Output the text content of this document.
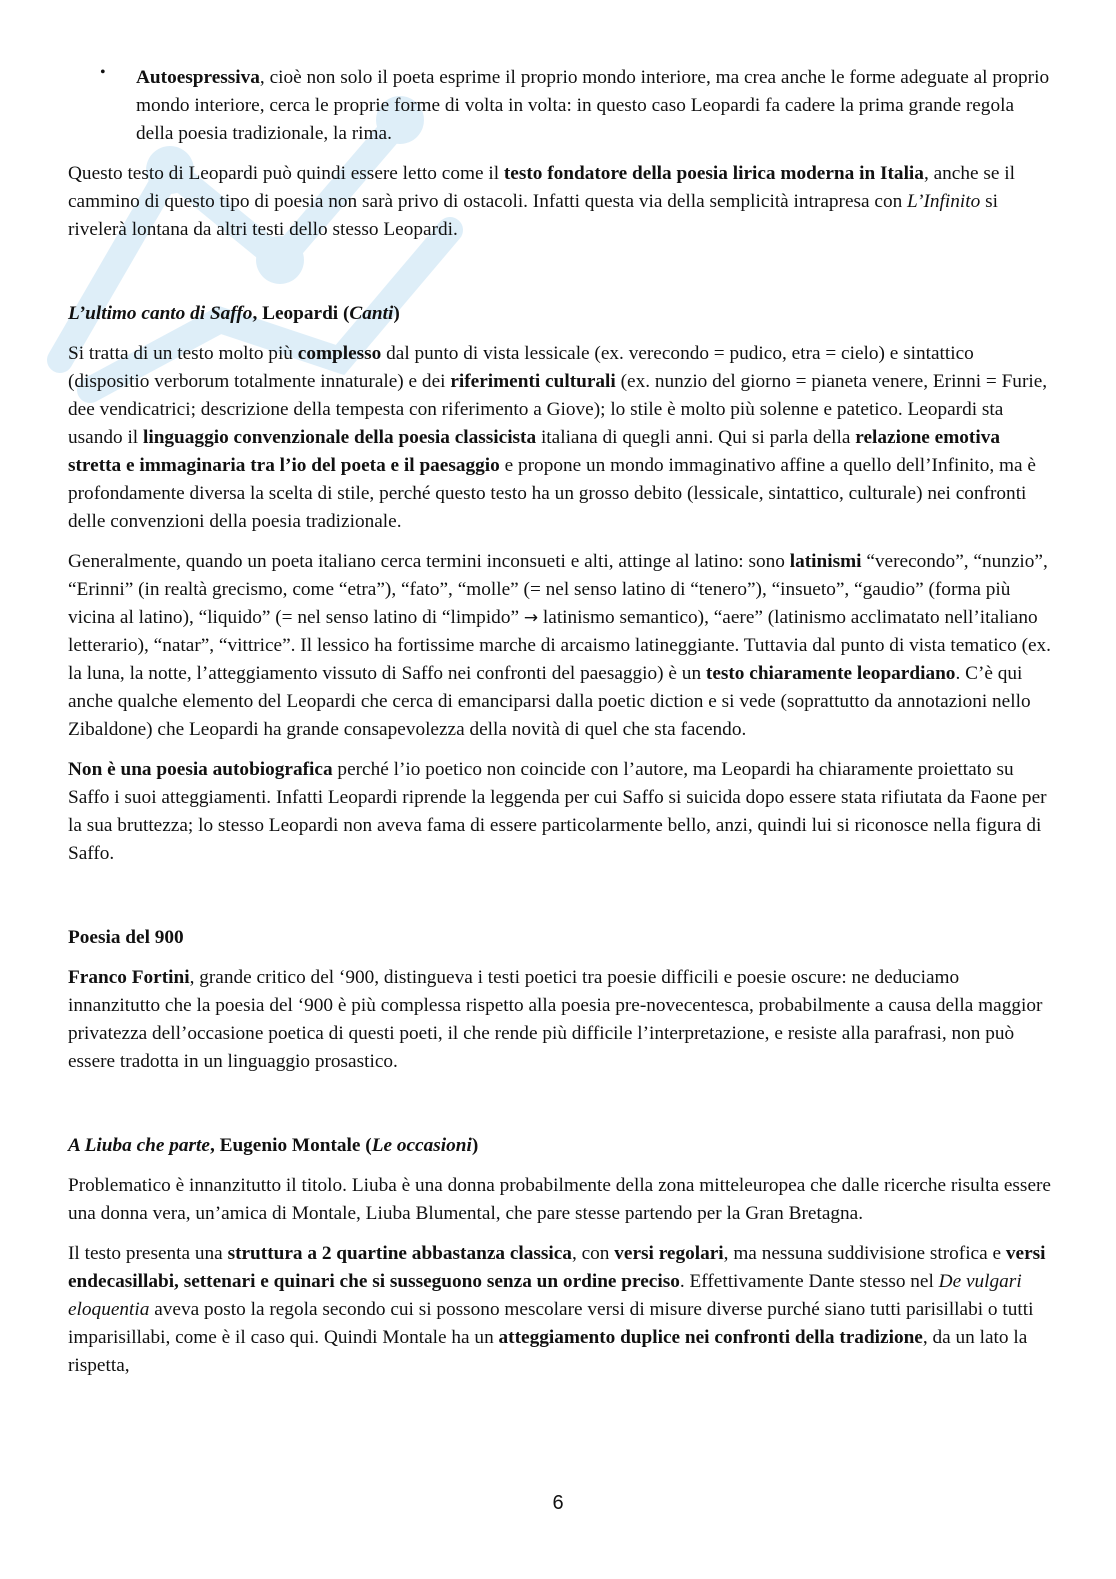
• Autoespressiva, cioè non solo il poeta esprime il proprio mondo interiore, ma crea anche le forme adeguate al proprio mondo interiore, cerca le proprie forme di volta in volta: in questo caso Leopardi fa cadere la prima grande regola della poesia tradizionale, la rima.

Questo testo di Leopardi può quindi essere letto come il testo fondatore della poesia lirica moderna in Italia, anche se il cammino di questo tipo di poesia non sarà privo di ostacoli. Infatti questa via della semplicità intrapresa con L’Infinito si rivelerà lontana da altri testi dello stesso Leopardi.

L’ultimo canto di Saffo, Leopardi (Canti)

Si tratta di un testo molto più complesso dal punto di vista lessicale (ex. verecondo = pudico, etra = cielo) e sintattico (dispositio verborum totalmente innaturale) e dei riferimenti culturali (ex. nunzio del giorno = pianeta venere, Erinni = Furie, dee vendicatrici; descrizione della tempesta con riferimento a Giove); lo stile è molto più solenne e patetico. Leopardi sta usando il linguaggio convenzionale della poesia classicista italiana di quegli anni. Qui si parla della relazione emotiva stretta e immaginaria tra l’io del poeta e il paesaggio e propone un mondo immaginativo affine a quello dell’Infinito, ma è profondamente diversa la scelta di stile, perché questo testo ha un grosso debito (lessicale, sintattico, culturale) nei confronti delle convenzioni della poesia tradizionale.

Generalmente, quando un poeta italiano cerca termini inconsueti e alti, attinge al latino: sono latinismi “verecondo”, “nunzio”, “Erinni” (in realtà grecismo, come “etra”), “fato”, “molle” (= nel senso latino di “tenero”), “insueto”, “gaudio” (forma più vicina al latino), “liquido” (= nel senso latino di “limpido” → latinismo semantico), “aere” (latinismo acclimatato nell’italiano letterario), “natar”, “vittrice”. Il lessico ha fortissime marche di arcaismo latineggiante. Tuttavia dal punto di vista tematico (ex. la luna, la notte, l’atteggiamento vissuto di Saffo nei confronti del paesaggio) è un testo chiaramente leopardiano. C’è qui anche qualche elemento del Leopardi che cerca di emanciparsi dalla poetic diction e si vede (soprattutto da annotazioni nello Zibaldone) che Leopardi ha grande consapevolezza della novità di quel che sta facendo.

Non è una poesia autobiografica perché l’io poetico non coincide con l’autore, ma Leopardi ha chiaramente proiettato su Saffo i suoi atteggiamenti. Infatti Leopardi riprende la leggenda per cui Saffo si suicida dopo essere stata rifiutata da Faone per la sua bruttezza; lo stesso Leopardi non aveva fama di essere particolarmente bello, anzi, quindi lui si riconosce nella figura di Saffo.

Poesia del 900

Franco Fortini, grande critico del ‘900, distingueva i testi poetici tra poesie difficili e poesie oscure: ne deduciamo innanzitutto che la poesia del ‘900 è più complessa rispetto alla poesia pre-novecentesca, probabilmente a causa della maggior privatezza dell’occasione poetica di questi poeti, il che rende più difficile l’interpretazione, e resiste alla parafrasi, non può essere tradotta in un linguaggio prosastico.

A Liuba che parte, Eugenio Montale (Le occasioni)

Problematico è innanzitutto il titolo. Liuba è una donna probabilmente della zona mitteleuropea che dalle ricerche risulta essere una donna vera, un’amica di Montale, Liuba Blumental, che pare stesse partendo per la Gran Bretagna.

Il testo presenta una struttura a 2 quartine abbastanza classica, con versi regolari, ma nessuna suddivisione strofica e versi endecasillabi, settenari e quinari che si susseguono senza un ordine preciso. Effettivamente Dante stesso nel De vulgari eloquentia aveva posto la regola secondo cui si possono mescolare versi di misure diverse purché siano tutti parisillabi o tutti imparisillabi, come è il caso qui. Quindi Montale ha un atteggiamento duplice nei confronti della tradizione, da un lato la rispetta,

6
